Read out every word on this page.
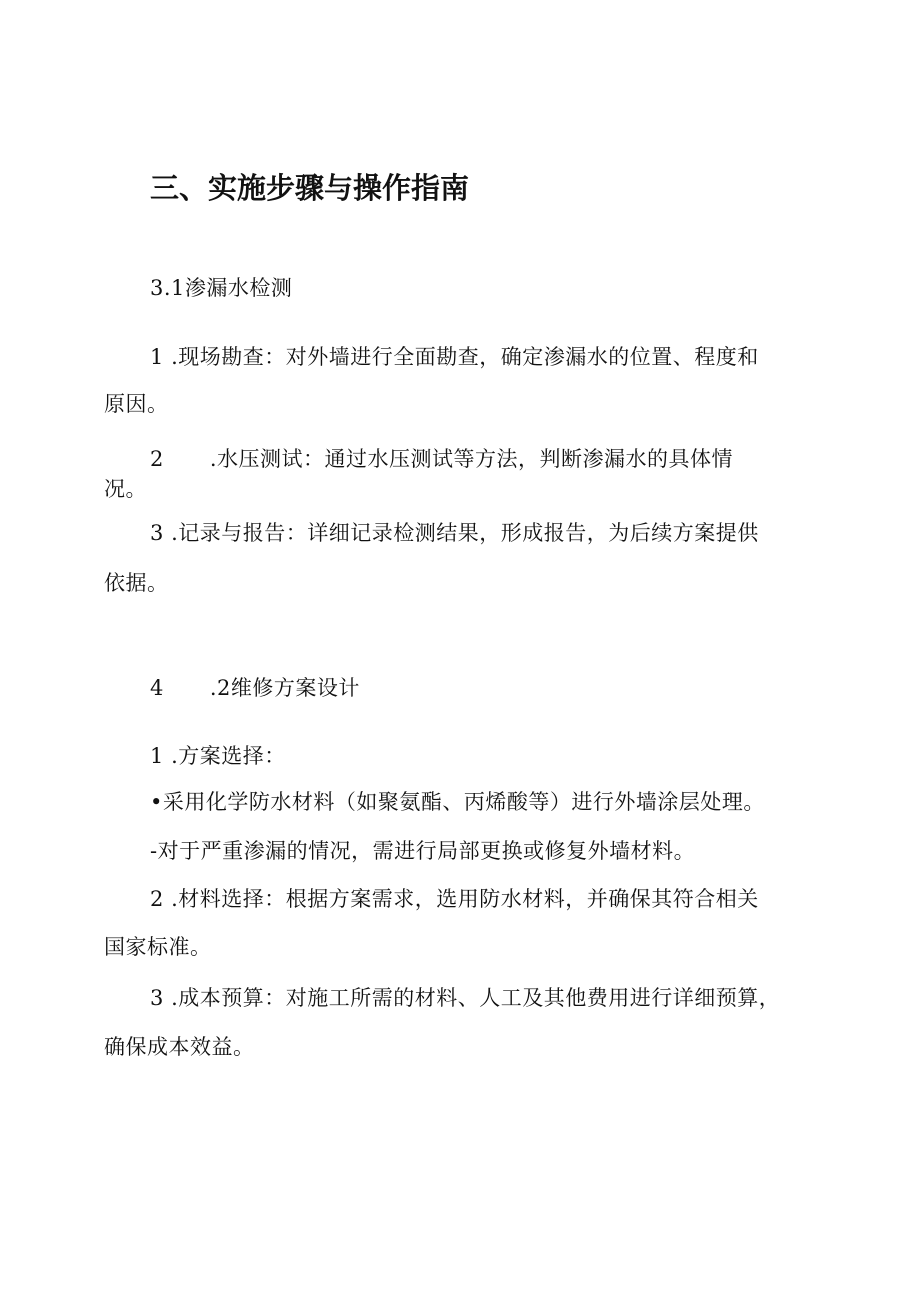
三、实施步骤与操作指南
3.1渗漏水检测
1 .现场勘查：对外墙进行全面勘查，确定渗漏水的位置、程度和
原因。
2 .水压测试：通过水压测试等方法，判断渗漏水的具体情
况。
3 .记录与报告：详细记录检测结果，形成报告，为后续方案提供
依据。
4 .2维修方案设计
1 .方案选择：
•采用化学防水材料（如聚氨酯、丙烯酸等）进行外墙涂层处理。
-对于严重渗漏的情况，需进行局部更换或修复外墙材料。
2 .材料选择：根据方案需求，选用防水材料，并确保其符合相关
国家标准。
3 .成本预算：对施工所需的材料、人工及其他费用进行详细预算，
确保成本效益。
